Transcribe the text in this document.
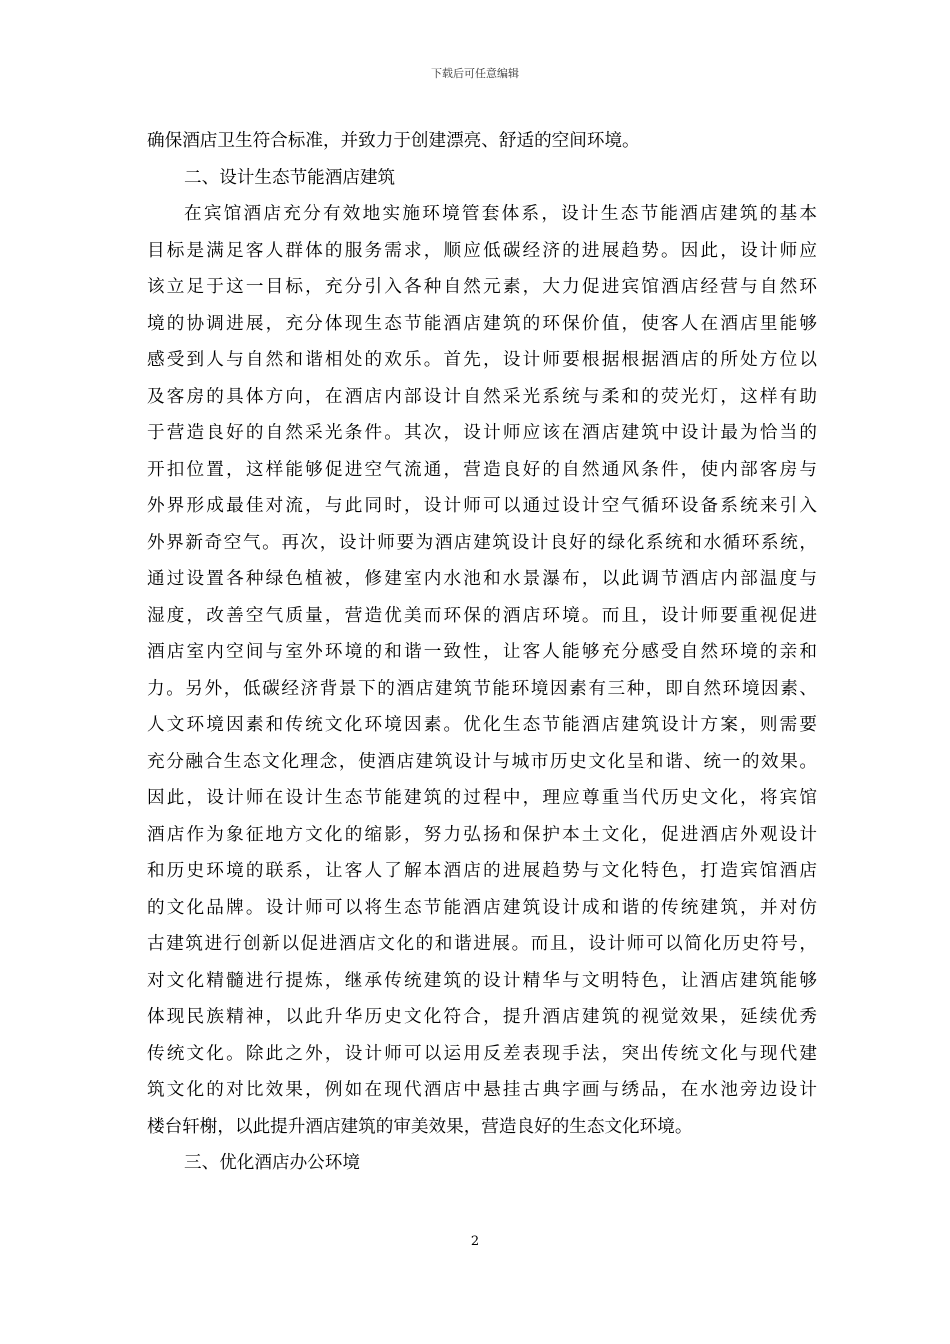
下载后可任意编辑
确保酒店卫生符合标准，并致力于创建漂亮、舒适的空间环境。
二、设计生态节能酒店建筑
在宾馆酒店充分有效地实施环境管套体系，设计生态节能酒店建筑的基本
目标是满足客人群体的服务需求，顺应低碳经济的进展趋势。因此，设计师应
该立足于这一目标，充分引入各种自然元素，大力促进宾馆酒店经营与自然环
境的协调进展，充分体现生态节能酒店建筑的环保价值，使客人在酒店里能够
感受到人与自然和谐相处的欢乐。首先，设计师要根据根据酒店的所处方位以
及客房的具体方向，在酒店内部设计自然采光系统与柔和的荧光灯，这样有助
于营造良好的自然采光条件。其次，设计师应该在酒店建筑中设计最为恰当的
开扣位置，这样能够促进空气流通，营造良好的自然通风条件，使内部客房与
外界形成最佳对流，与此同时，设计师可以通过设计空气循环设备系统来引入
外界新奇空气。再次，设计师要为酒店建筑设计良好的绿化系统和水循环系统，
通过设置各种绿色植被，修建室内水池和水景瀑布，以此调节酒店内部温度与
湿度，改善空气质量，营造优美而环保的酒店环境。而且，设计师要重视促进
酒店室内空间与室外环境的和谐一致性，让客人能够充分感受自然环境的亲和
力。另外，低碳经济背景下的酒店建筑节能环境因素有三种，即自然环境因素、
人文环境因素和传统文化环境因素。优化生态节能酒店建筑设计方案，则需要
充分融合生态文化理念，使酒店建筑设计与城市历史文化呈和谐、统一的效果。
因此，设计师在设计生态节能建筑的过程中，理应尊重当代历史文化，将宾馆
酒店作为象征地方文化的缩影，努力弘扬和保护本土文化，促进酒店外观设计
和历史环境的联系，让客人了解本酒店的进展趋势与文化特色，打造宾馆酒店
的文化品牌。设计师可以将生态节能酒店建筑设计成和谐的传统建筑，并对仿
古建筑进行创新以促进酒店文化的和谐进展。而且，设计师可以简化历史符号，
对文化精髓进行提炼，继承传统建筑的设计精华与文明特色，让酒店建筑能够
体现民族精神，以此升华历史文化符合，提升酒店建筑的视觉效果，延续优秀
传统文化。除此之外，设计师可以运用反差表现手法，突出传统文化与现代建
筑文化的对比效果，例如在现代酒店中悬挂古典字画与绣品，在水池旁边设计
楼台轩榭，以此提升酒店建筑的审美效果，营造良好的生态文化环境。
三、优化酒店办公环境
2
